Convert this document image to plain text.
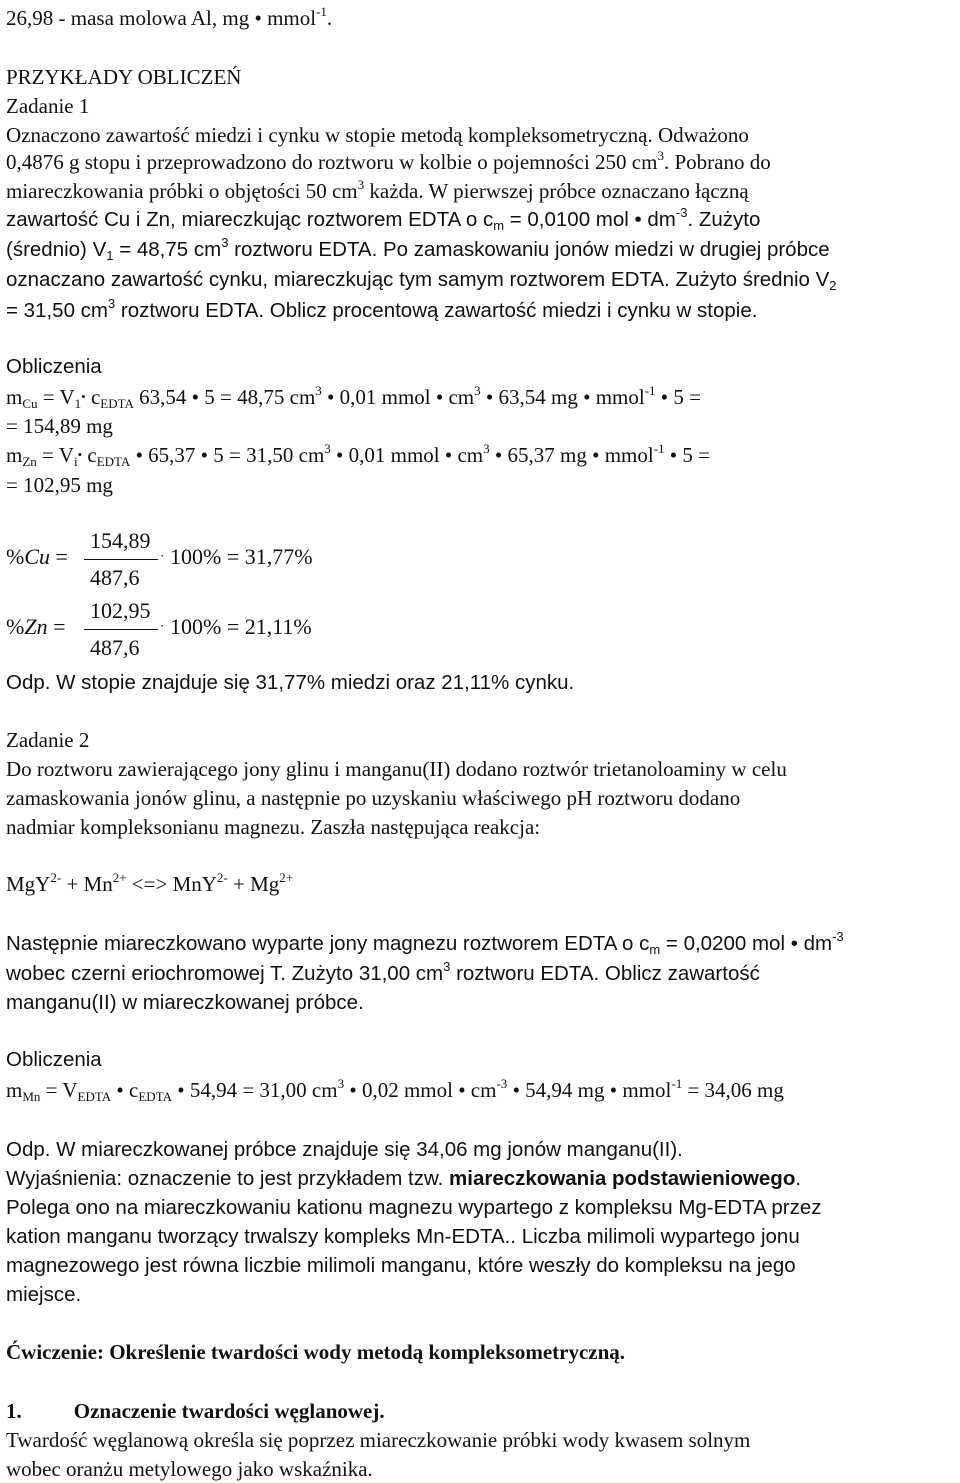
26,98 - masa molowa Al, mg • mmol$^{-1}$.
PRZYKŁADY OBLICZEŃ
Zadanie 1
Oznaczono zawartość miedzi i cynku w stopie metodą kompleksometryczną. Odważono
0,4876 g stopu i przeprowadzono do roztworu w kolbie o pojemności 250 $cm^3$. Pobrano do
miareczkowania próbki o objętości 50 $cm^3$ każda. W pierwszej próbce oznaczano łączną
zawartość Cu i Zn, miareczkując roztworem EDTA o $c_m = 0,0100$ mol • $dm^{-3}$. Zużyto
(średnio) $V_1 = 48,75$ $cm^3$ roztworu EDTA. Po zamaskowaniu jonów miedzi w drugiej próbce
oznaczano zawartość cynku, miareczkując tym samym roztworem EDTA. Zużyto średnio $V_2$
= 31,50 $cm^3$ roztworu EDTA. Oblicz procentową zawartość miedzi i cynku w stopie.
Obliczenia
$m_{Cu}$ = $V_1•$ $c_{EDTA}$ 63,54 • 5 = 48,75 $cm^3$ • 0,01 mmol • $cm^3$ • 63,54 mg • mmol$^{-1}$ • 5 =
= 154,89 mg
$m_{Zn}$ = $V_i•$ $c_{EDTA}$ • 65,37 • 5 = 31,50 $cm^3$ • 0,01 mmol • $cm^3$ • 65,37 mg • mmol$^{-1}$ • 5 =
= 102,95 mg
%Cu =
154,89
487,6
· 100% = 31,77%
%Zn =
102,95
487,6
· 100% = 21,11%
Odp. W stopie znajduje się 31,77% miedzi oraz 21,11% cynku.
Zadanie 2
Do roztworu zawierającego jony glinu i manganu(II) dodano roztwór trietanoloaminy w celu
zamaskowania jonów glinu, a następnie po uzyskaniu właściwego pH roztworu dodano
nadmiar kompleksonianu magnezu. Zaszła następująca reakcja:
$MgY^{2-} + Mn^{2+}$ <=> $MnY^{2-} + Mg^{2+}$
Następnie miareczkowano wyparte jony magnezu roztworem EDTA o $c_m = 0,0200$ mol • $dm^{-3}$
wobec czerni eriochromowej T. Zużyto 31,00 $cm^3$ roztworu EDTA. Oblicz zawartość
manganu(II) w miareczkowanej próbce.
Obliczenia
$m_{Mn} = V_{EDTA}$ • $c_{EDTA}$ • 54,94 = 31,00 $cm^3$ • 0,02 mmol • $cm^{-3}$ • 54,94 mg • mmol$^{-1}$ = 34,06 mg
Odp. W miareczkowanej próbce znajduje się 34,06 mg jonów manganu(II).
Wyjaśnienia: oznaczenie to jest przykładem tzw. miareczkowania podstawieniowego.
Polega ono na miareczkowaniu kationu magnezu wypartego z kompleksu Mg-EDTA przez
kation manganu tworzący trwalszy kompleks Mn-EDTA.. Liczba milimoli wypartego jonu
magnezowego jest równa liczbie milimoli manganu, które weszły do kompleksu na jego
miejsce.
Ćwiczenie: Określenie twardości wody metodą kompleksometryczną.
1. Oznaczenie twardości węglanowej.
Twardość węglanową określa się poprzez miareczkowanie próbki wody kwasem solnym
wobec oranżu metylowego jako wskaźnika.
